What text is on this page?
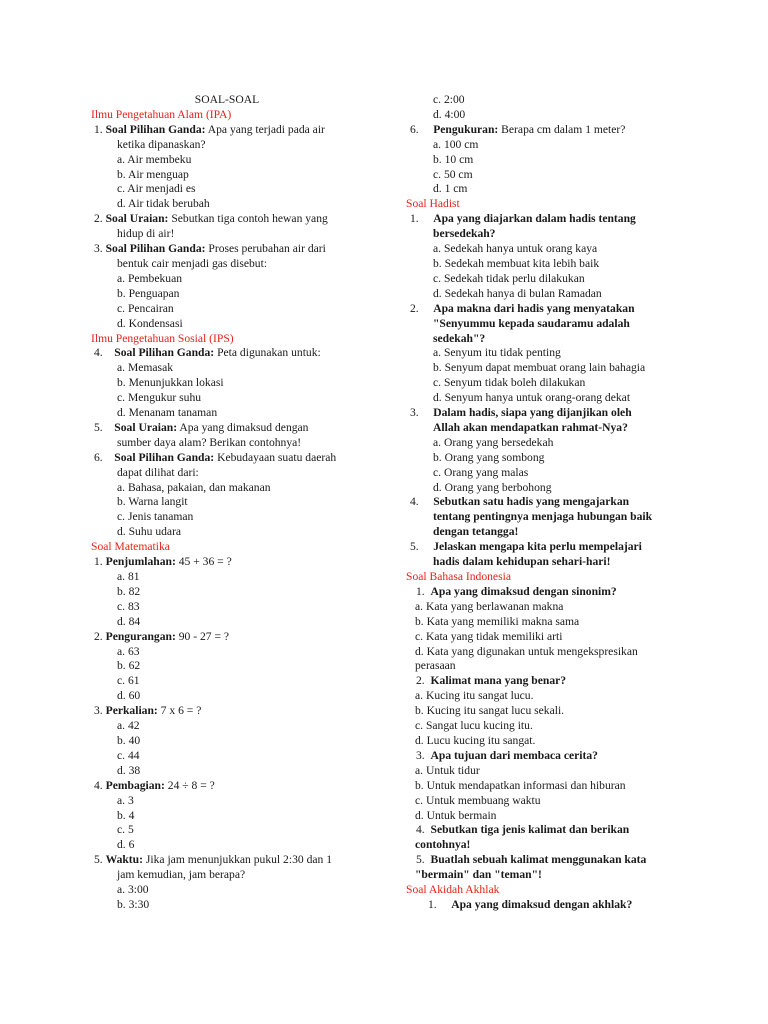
SOAL-SOAL
Ilmu Pengetahuan Alam (IPA)
1. Soal Pilihan Ganda: Apa yang terjadi pada air
ketika dipanaskan?
a. Air membeku
b. Air menguap
c. Air menjadi es
d. Air tidak berubah
2. Soal Uraian: Sebutkan tiga contoh hewan yang
hidup di air!
3. Soal Pilihan Ganda: Proses perubahan air dari
bentuk cair menjadi gas disebut:
a. Pembekuan
b. Penguapan
c. Pencairan
d. Kondensasi
Ilmu Pengetahuan Sosial (IPS)
4. Soal Pilihan Ganda: Peta digunakan untuk:
a. Memasak
b. Menunjukkan lokasi
c. Mengukur suhu
d. Menanam tanaman
5. Soal Uraian: Apa yang dimaksud dengan
sumber daya alam? Berikan contohnya!
6. Soal Pilihan Ganda: Kebudayaan suatu daerah
dapat dilihat dari:
a. Bahasa, pakaian, dan makanan
b. Warna langit
c. Jenis tanaman
d. Suhu udara
Soal Matematika
1. Penjumlahan: 45 + 36 = ?
a. 81
b. 82
c. 83
d. 84
2. Pengurangan: 90 - 27 = ?
a. 63
b. 62
c. 61
d. 60
3. Perkalian: 7 x 6 = ?
a. 42
b. 40
c. 44
d. 38
4. Pembagian: 24 ÷ 8 = ?
a. 3
b. 4
c. 5
d. 6
5. Waktu: Jika jam menunjukkan pukul 2:30 dan 1
jam kemudian, jam berapa?
a. 3:00
b. 3:30
c. 2:00
d. 4:00
6. Pengukuran: Berapa cm dalam 1 meter?
a. 100 cm
b. 10 cm
c. 50 cm
d. 1 cm
Soal Hadist
1. Apa yang diajarkan dalam hadis tentang
bersedekah?
a. Sedekah hanya untuk orang kaya
b. Sedekah membuat kita lebih baik
c. Sedekah tidak perlu dilakukan
d. Sedekah hanya di bulan Ramadan
2. Apa makna dari hadis yang menyatakan
"Senyummu kepada saudaramu adalah
sedekah"?
a. Senyum itu tidak penting
b. Senyum dapat membuat orang lain bahagia
c. Senyum tidak boleh dilakukan
d. Senyum hanya untuk orang-orang dekat
3. Dalam hadis, siapa yang dijanjikan oleh
Allah akan mendapatkan rahmat-Nya?
a. Orang yang bersedekah
b. Orang yang sombong
c. Orang yang malas
d. Orang yang berbohong
4. Sebutkan satu hadis yang mengajarkan
tentang pentingnya menjaga hubungan baik
dengan tetangga!
5. Jelaskan mengapa kita perlu mempelajari
hadis dalam kehidupan sehari-hari!
Soal Bahasa Indonesia
1. Apa yang dimaksud dengan sinonim?
a. Kata yang berlawanan makna
b. Kata yang memiliki makna sama
c. Kata yang tidak memiliki arti
d. Kata yang digunakan untuk mengekspresikan
perasaan
2. Kalimat mana yang benar?
a. Kucing itu sangat lucu.
b. Kucing itu sangat lucu sekali.
c. Sangat lucu kucing itu.
d. Lucu kucing itu sangat.
3. Apa tujuan dari membaca cerita?
a. Untuk tidur
b. Untuk mendapatkan informasi dan hiburan
c. Untuk membuang waktu
d. Untuk bermain
4. Sebutkan tiga jenis kalimat dan berikan
contohnya!
5. Buatlah sebuah kalimat menggunakan kata
"bermain" dan "teman"!
Soal Akidah Akhlak
1. Apa yang dimaksud dengan akhlak?
